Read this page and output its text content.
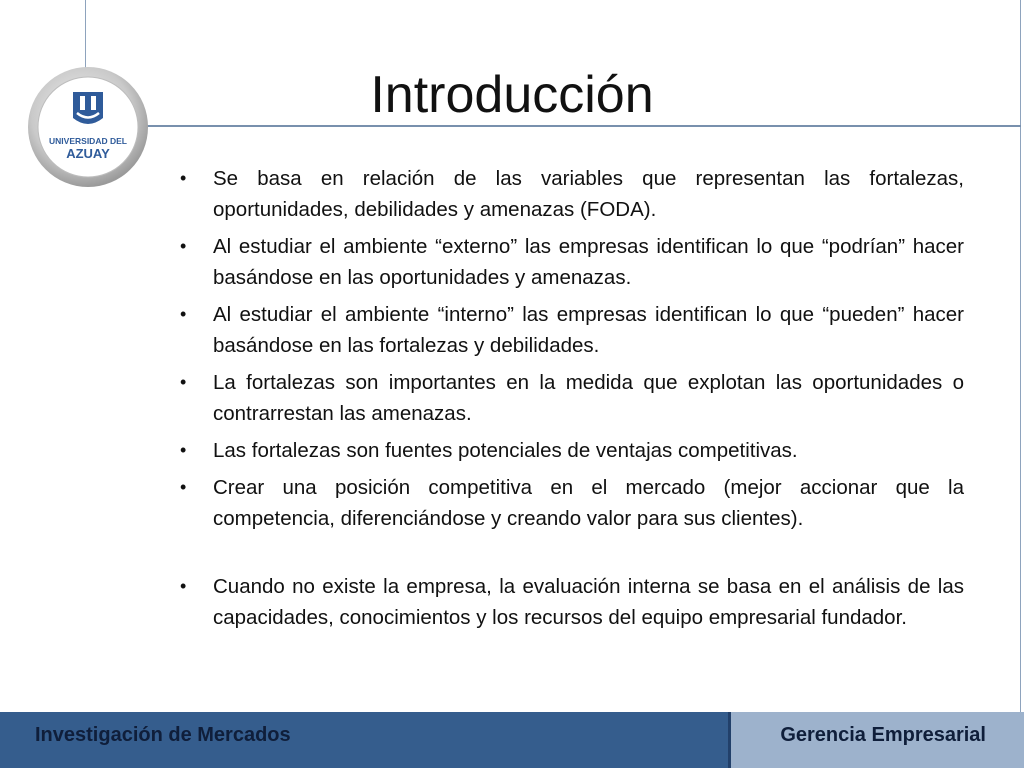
UNIVERSIDAD DEL
AZUAY
Introducción
• Se basa en relación de las variables que representan las fortalezas, oportunidades, debilidades y amenazas (FODA).
• Al estudiar el ambiente “externo” las empresas identifican lo que “podrían” hacer basándose en las oportunidades y amenazas.
• Al estudiar el ambiente “interno” las empresas identifican lo que “pueden” hacer basándose en las fortalezas y debilidades.
• La fortalezas son importantes en la medida que explotan las oportunidades o contrarrestan las amenazas.
• Las fortalezas son fuentes potenciales de ventajas competitivas.
• Crear una posición competitiva en el mercado (mejor accionar que la competencia, diferenciándose y creando valor para sus clientes).
• Cuando no existe la empresa, la evaluación interna se basa en el análisis de las capacidades, conocimientos y los recursos del equipo empresarial fundador.
Investigación de Mercados	Gerencia Empresarial
